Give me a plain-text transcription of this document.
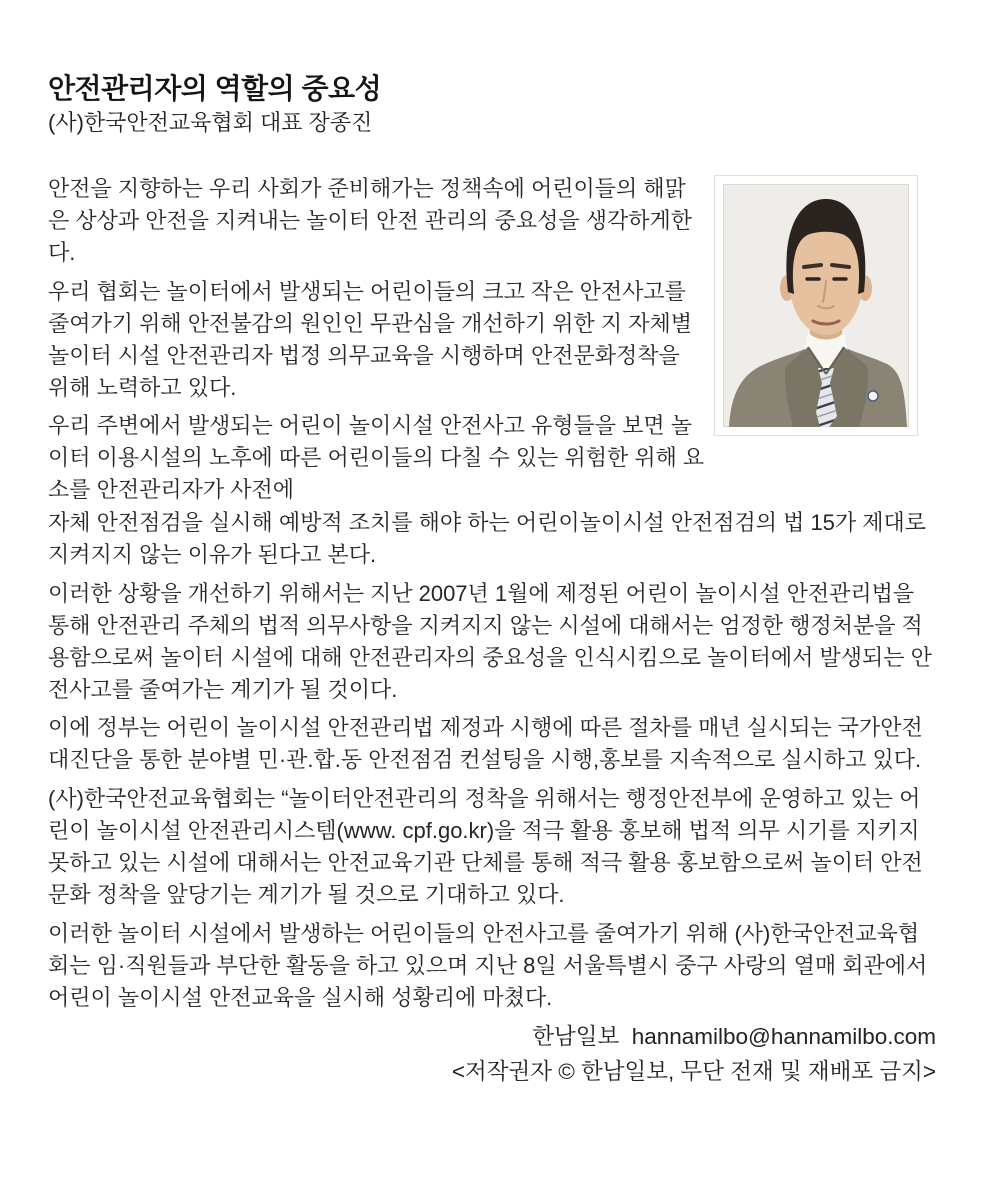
안전관리자의 역할의 중요성
(사)한국안전교육협회 대표 장종진

안전을 지향하는 우리 사회가 준비해가는 정책속에 어린이들의 해맑은 상상과 안전을 지켜내는 놀이터 안전 관리의 중요성을 생각하게한다.

우리 협회는 놀이터에서 발생되는 어린이들의 크고 작은 안전사고를 줄여가기 위해 안전불감의 원인인 무관심을 개선하기 위한 지 자체별 놀이터 시설 안전관리자 법정 의무교육을 시행하며 안전문화정착을 위해 노력하고 있다.

우리 주변에서 발생되는 어린이 놀이시설 안전사고 유형들을 보면 놀이터 이용시설의 노후에 따른 어린이들의 다칠 수 있는 위험한 위해 요소를 안전관리자가 사전에

자체 안전점검을 실시해 예방적 조치를 해야 하는 어린이놀이시설 안전점검의 법 15가 제대로 지켜지지 않는 이유가 된다고 본다.

이러한 상황을 개선하기 위해서는 지난 2007년 1월에 제정된 어린이 놀이시설 안전관리법을 통해 안전관리 주체의 법적 의무사항을 지켜지지 않는 시설에 대해서는 엄정한 행정처분을 적용함으로써 놀이터 시설에 대해 안전관리자의 중요성을 인식시킴으로 놀이터에서 발생되는 안전사고를 줄여가는 계기가 될 것이다.

이에 정부는 어린이 놀이시설 안전관리법 제정과 시행에 따른 절차를 매년 실시되는 국가안전대진단을 통한 분야별 민·관.합.동 안전점검 컨설팅을 시행,홍보를 지속적으로 실시하고 있다.

(사)한국안전교육협회는 “놀이터안전관리의 정착을 위해서는 행정안전부에 운영하고 있는 어린이 놀이시설 안전관리시스템(www. cpf.go.kr)을 적극 활용 홍보해 법적 의무 시기를 지키지 못하고 있는 시설에 대해서는 안전교육기관 단체를 통해 적극 활용 홍보함으로써 놀이터 안전문화 정착을 앞당기는 계기가 될 것으로 기대하고 있다.

이러한 놀이터 시설에서 발생하는 어린이들의 안전사고를 줄여가기 위해 (사)한국안전교육협회는 임·직원들과 부단한 활동을 하고 있으며 지난 8일 서울특별시 중구 사랑의 열매 회관에서 어린이 놀이시설 안전교육을 실시해 성황리에 마쳤다.

한남일보  hannamilbo@hannamilbo.com
<저작권자 © 한남일보, 무단 전재 및 재배포 금지>
